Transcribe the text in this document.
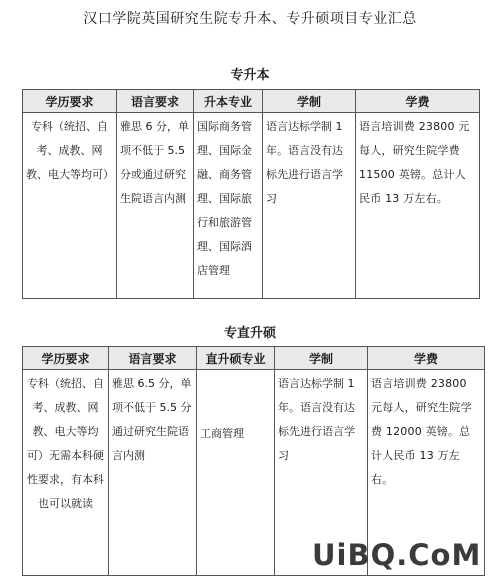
汉口学院英国研究生院专升本、专升硕项目专业汇总
专升本
学历要求	语言要求	升本专业	学制	学费
专科（统招、自考、成教、网教、电大等均可）	雅思 6 分，单项不低于 5.5 分或通过研究生院语言内测	国际商务管理、国际金融、商务管理、国际旅行和旅游管理、国际酒店管理	语言达标学制 1 年。语言没有达标先进行语言学习	语言培训费 23800 元每人，研究生院学费 11500 英镑。总计人民币 13 万左右。
专直升硕
学历要求	语言要求	直升硕专业	学制	学费
专科（统招、自考、成教、网教、电大等均可）无需本科硬性要求，有本科也可以就读	雅思 6.5 分，单项不低于 5.5 分通过研究生院语言内测	工商管理	语言达标学制 1 年。语言没有达标先进行语言学习	语言培训费 23800 元每人，研究生院学费 12000 英镑。总计人民币 13 万左右。
UiBQ.CoM
